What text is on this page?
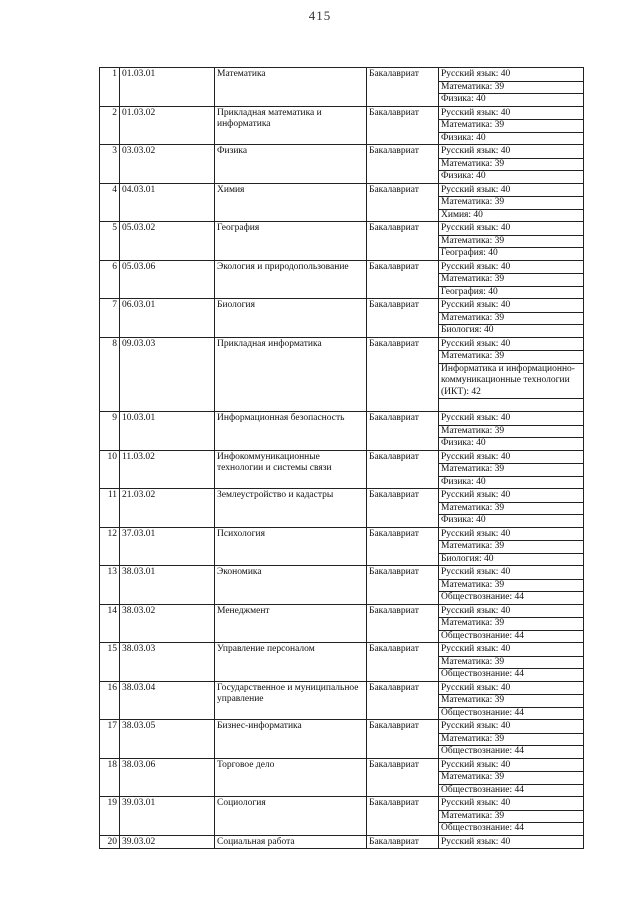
415
1	01.03.01	Математика	Бакалавриат	Русский язык: 40
Математика: 39
Физика: 40

2	01.03.02	Прикладная математика и информатика	Бакалавриат	Русский язык: 40
Математика: 39
Физика: 40

3	03.03.02	Физика	Бакалавриат	Русский язык: 40
Математика: 39
Физика: 40

4	04.03.01	Химия	Бакалавриат	Русский язык: 40
Математика: 39
Химия: 40

5	05.03.02	География	Бакалавриат	Русский язык: 40
Математика: 39
География: 40

6	05.03.06	Экология и природопользование	Бакалавриат	Русский язык: 40
Математика: 39
География: 40

7	06.03.01	Биология	Бакалавриат	Русский язык: 40
Математика: 39
Биология: 40

8	09.03.03	Прикладная информатика	Бакалавриат	Русский язык: 40
Математика: 39
Информатика и информационно-коммуникационные технологии (ИКТ): 42

9	10.03.01	Информационная безопасность	Бакалавриат	Русский язык: 40
Математика: 39
Физика: 40

10	11.03.02	Инфокоммуникационные технологии и системы связи	Бакалавриат	Русский язык: 40
Математика: 39
Физика: 40

11	21.03.02	Землеустройство и кадастры	Бакалавриат	Русский язык: 40
Математика: 39
Физика: 40

12	37.03.01	Психология	Бакалавриат	Русский язык: 40
Математика: 39
Биология: 40

13	38.03.01	Экономика	Бакалавриат	Русский язык: 40
Математика: 39
Обществознание: 44

14	38.03.02	Менеджмент	Бакалавриат	Русский язык: 40
Математика: 39
Обществознание: 44

15	38.03.03	Управление персоналом	Бакалавриат	Русский язык: 40
Математика: 39
Обществознание: 44

16	38.03.04	Государственное и муниципальное управление	Бакалавриат	Русский язык: 40
Математика: 39
Обществознание: 44

17	38.03.05	Бизнес-информатика	Бакалавриат	Русский язык: 40
Математика: 39
Обществознание: 44

18	38.03.06	Торговое дело	Бакалавриат	Русский язык: 40
Математика: 39
Обществознание: 44

19	39.03.01	Социология	Бакалавриат	Русский язык: 40
Математика: 39
Обществознание: 44

20	39.03.02	Социальная работа	Бакалавриат	Русский язык: 40
